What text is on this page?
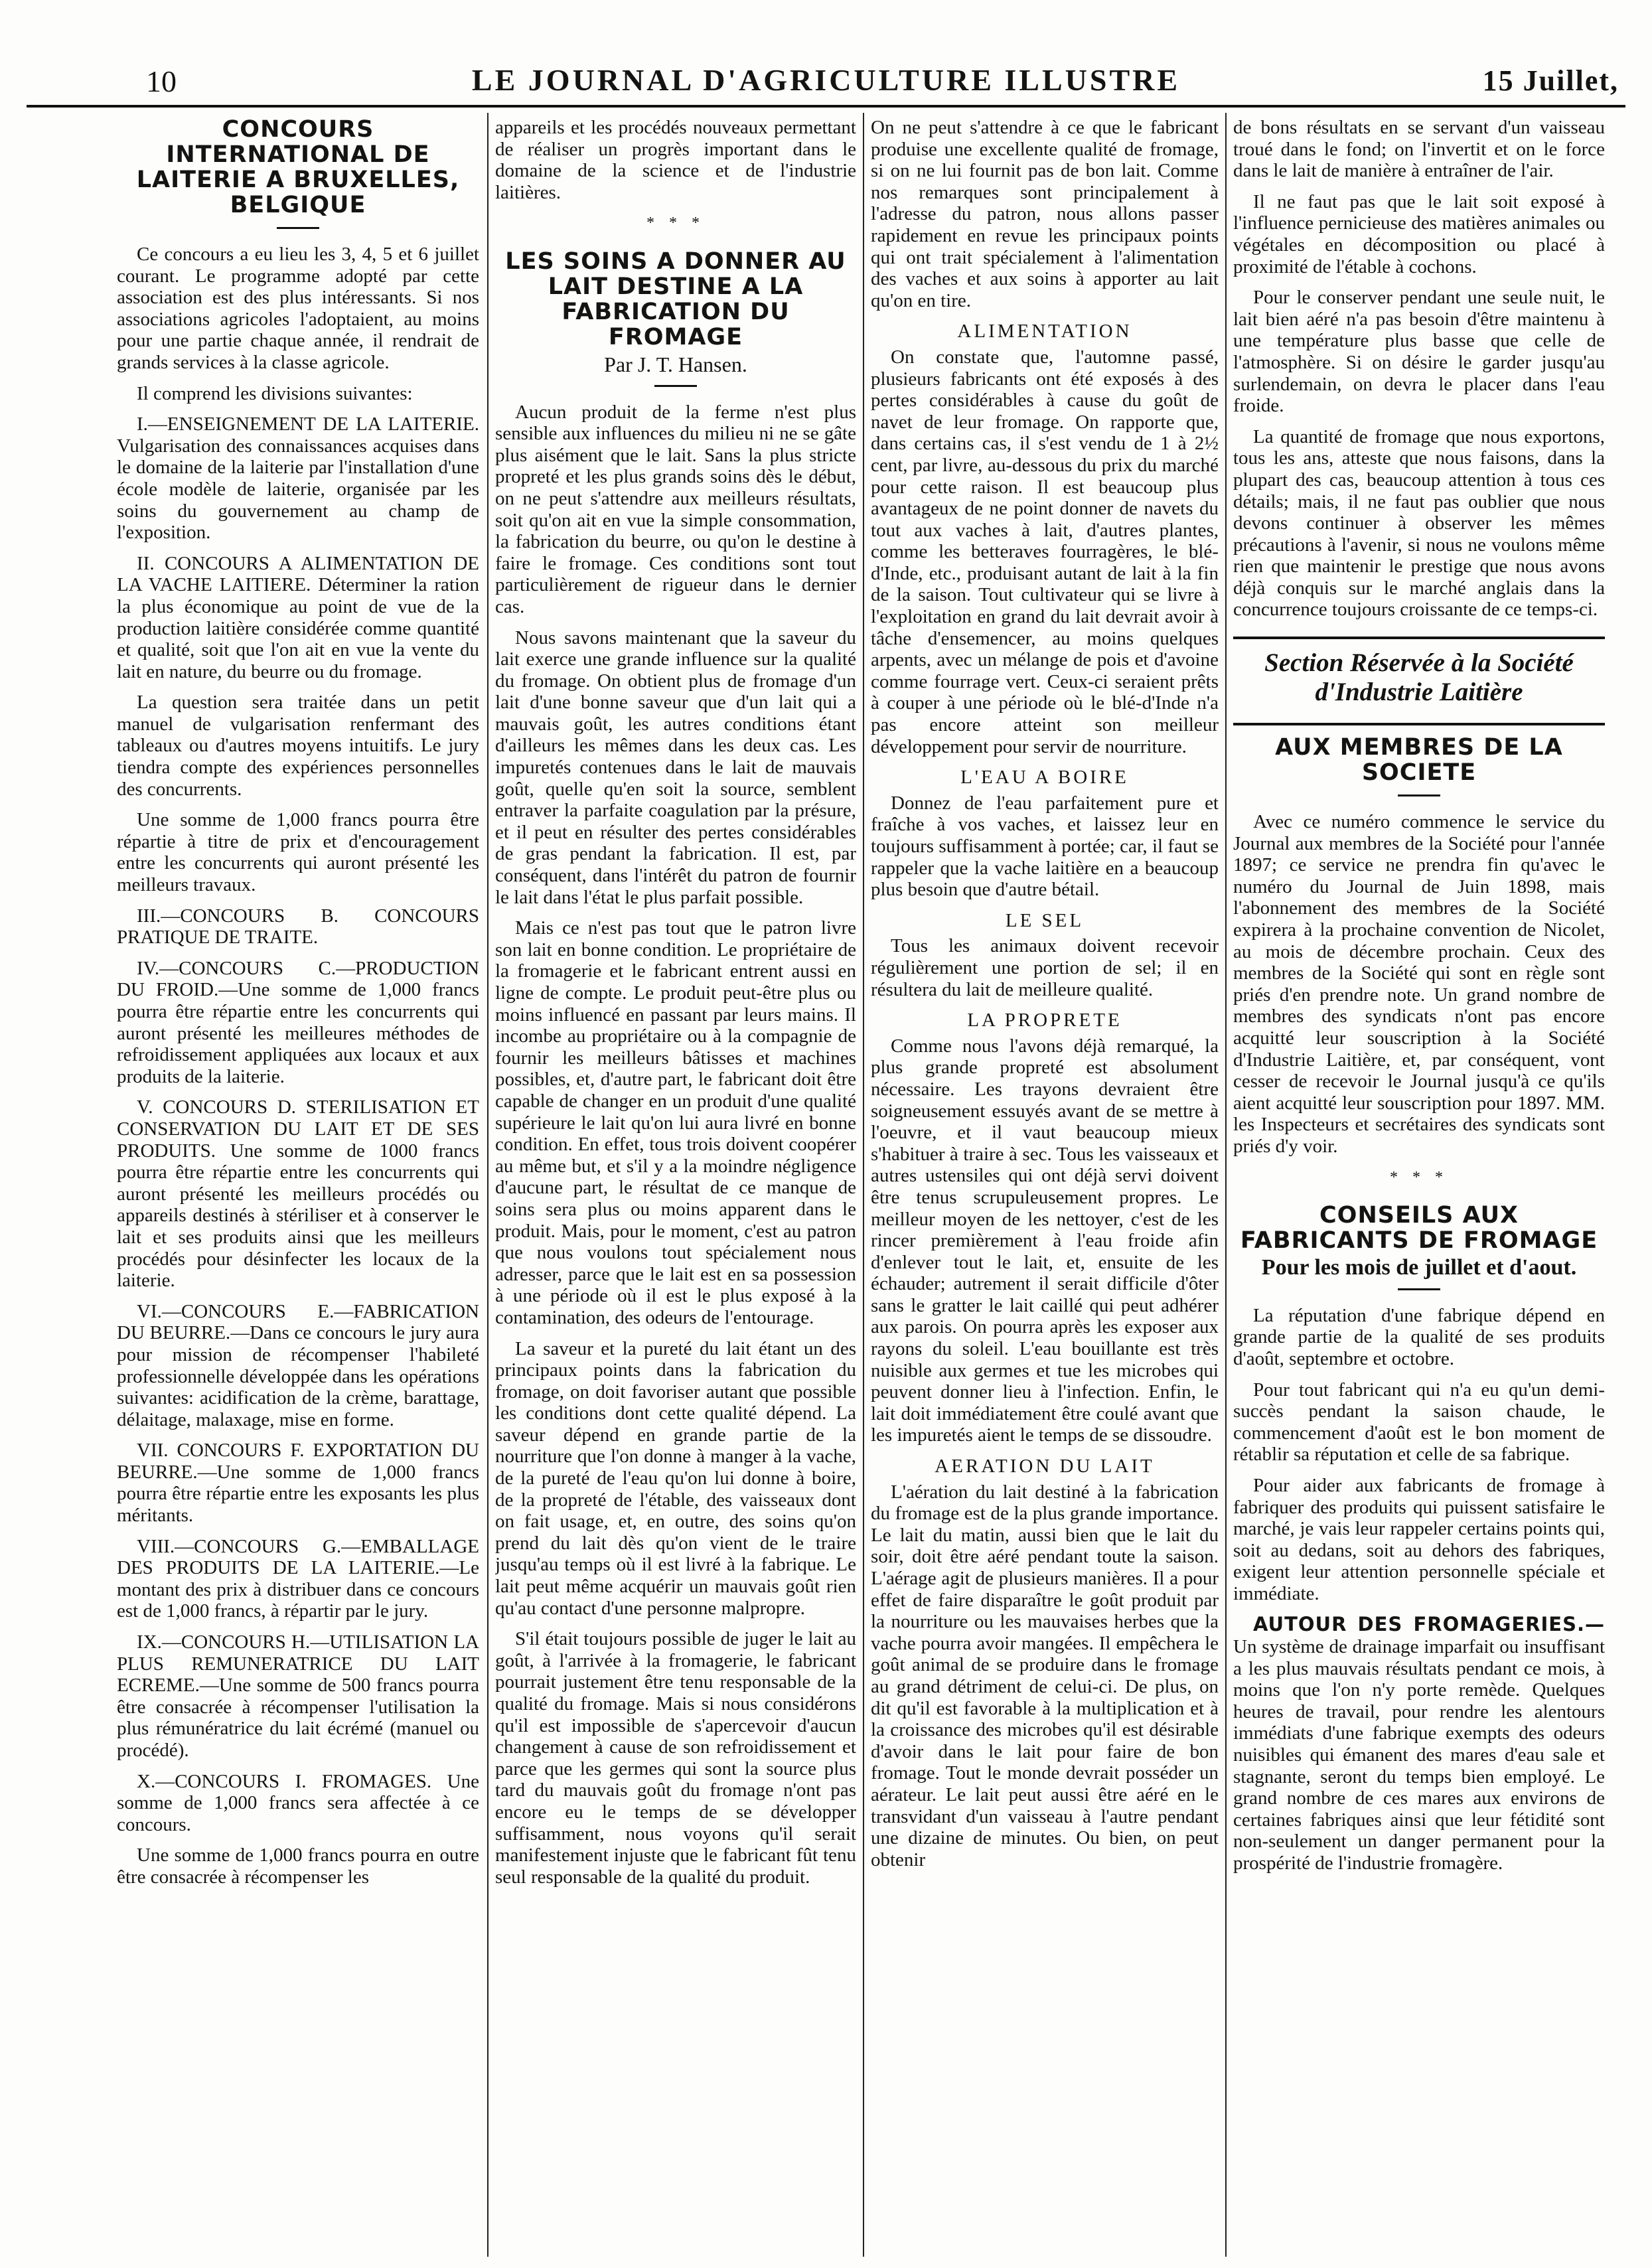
10	LE JOURNAL D'AGRICULTURE ILLUSTRE	15 Juillet,
CONCOURS INTERNATIONAL DE LAITERIE A BRUXELLES, BELGIQUE

Ce concours a eu lieu les 3, 4, 5 et 6 juillet courant. Le programme adopté par cette association est des plus intéressants. Si nos associations agricoles l'adoptaient, au moins pour une partie chaque année, il rendrait de grands services à la classe agricole.

Il comprend les divisions suivantes:

I.—ENSEIGNEMENT DE LA LAITERIE. Vulgarisation des connaissances acquises dans le domaine de la laiterie par l'installation d'une école modèle de laiterie, organisée par les soins du gouvernement au champ de l'exposition.

II. CONCOURS A ALIMENTATION DE LA VACHE LAITIERE. Déterminer la ration la plus économique au point de vue de la production laitière considérée comme quantité et qualité, soit que l'on ait en vue la vente du lait en nature, du beurre ou du fromage.

La question sera traitée dans un petit manuel de vulgarisation renfermant des tableaux ou d'autres moyens intuitifs. Le jury tiendra compte des expériences personnelles des concurrents.

Une somme de 1,000 francs pourra être répartie à titre de prix et d'encouragement entre les concurrents qui auront présenté les meilleurs travaux.

III.—CONCOURS B. CONCOURS PRATIQUE DE TRAITE.

IV.—CONCOURS C.—PRODUCTION DU FROID.—Une somme de 1,000 francs pourra être répartie entre les concurrents qui auront présenté les meilleures méthodes de refroidissement appliquées aux locaux et aux produits de la laiterie.

V. CONCOURS D. STERILISATION ET CONSERVATION DU LAIT ET DE SES PRODUITS. Une somme de 1000 francs pourra être répartie entre les concurrents qui auront présenté les meilleurs procédés ou appareils destinés à stériliser et à conserver le lait et ses produits ainsi que les meilleurs procédés pour désinfecter les locaux de la laiterie.

VI.—CONCOURS E.—FABRICATION DU BEURRE.—Dans ce concours le jury aura pour mission de récompenser l'habileté professionnelle développée dans les opérations suivantes: acidification de la crème, barattage, délaitage, malaxage, mise en forme.

VII. CONCOURS F. EXPORTATION DU BEURRE.—Une somme de 1,000 francs pourra être répartie entre les exposants les plus méritants.

VIII.—CONCOURS G.—EMBALLAGE DES PRODUITS DE LA LAITERIE.—Le montant des prix à distribuer dans ce concours est de 1,000 francs, à répartir par le jury.

IX.—CONCOURS H.—UTILISATION LA PLUS REMUNERATRICE DU LAIT ECREME.—Une somme de 500 francs pourra être consacrée à récompenser l'utilisation la plus rémunératrice du lait écrémé (manuel ou procédé).

X.—CONCOURS I. FROMAGES. Une somme de 1,000 francs sera affectée à ce concours.

Une somme de 1,000 francs pourra en outre être consacrée à récompenser les

appareils et les procédés nouveaux permettant de réaliser un progrès important dans le domaine de la science et de l'industrie laitières.

* * *
LES SOINS A DONNER AU LAIT DESTINE A LA FABRICATION DU FROMAGE
Par J. T. Hansen.

Aucun produit de la ferme n'est plus sensible aux influences du milieu ni ne se gâte plus aisément que le lait. Sans la plus stricte propreté et les plus grands soins dès le début, on ne peut s'attendre aux meilleurs résultats, soit qu'on ait en vue la simple consommation, la fabrication du beurre, ou qu'on le destine à faire le fromage. Ces conditions sont tout particulièrement de rigueur dans le dernier cas.

Nous savons maintenant que la saveur du lait exerce une grande influence sur la qualité du fromage. On obtient plus de fromage d'un lait d'une bonne saveur que d'un lait qui a mauvais goût, les autres conditions étant d'ailleurs les mêmes dans les deux cas. Les impuretés contenues dans le lait de mauvais goût, quelle qu'en soit la source, semblent entraver la parfaite coagulation par la présure, et il peut en résulter des pertes considérables de gras pendant la fabrication. Il est, par conséquent, dans l'intérêt du patron de fournir le lait dans l'état le plus parfait possible.

Mais ce n'est pas tout que le patron livre son lait en bonne condition. Le propriétaire de la fromagerie et le fabricant entrent aussi en ligne de compte. Le produit peut-être plus ou moins influencé en passant par leurs mains. Il incombe au propriétaire ou à la compagnie de fournir les meilleurs bâtisses et machines possibles, et, d'autre part, le fabricant doit être capable de changer en un produit d'une qualité supérieure le lait qu'on lui aura livré en bonne condition. En effet, tous trois doivent coopérer au même but, et s'il y a la moindre négligence d'aucune part, le résultat de ce manque de soins sera plus ou moins apparent dans le produit. Mais, pour le moment, c'est au patron que nous voulons tout spécialement nous adresser, parce que le lait est en sa possession à une période où il est le plus exposé à la contamination, des odeurs de l'entourage.

La saveur et la pureté du lait étant un des principaux points dans la fabrication du fromage, on doit favoriser autant que possible les conditions dont cette qualité dépend. La saveur dépend en grande partie de la nourriture que l'on donne à manger à la vache, de la pureté de l'eau qu'on lui donne à boire, de la propreté de l'étable, des vaisseaux dont on fait usage, et, en outre, des soins qu'on prend du lait dès qu'on vient de le traire jusqu'au temps où il est livré à la fabrique. Le lait peut même acquérir un mauvais goût rien qu'au contact d'une personne malpropre.

S'il était toujours possible de juger le lait au goût, à l'arrivée à la fromagerie, le fabricant pourrait justement être tenu responsable de la qualité du fromage. Mais si nous considérons qu'il est impossible de s'apercevoir d'aucun changement à cause de son refroidissement et parce que les germes qui sont la source plus tard du mauvais goût du fromage n'ont pas encore eu le temps de se développer suffisamment, nous voyons qu'il serait manifestement injuste que le fabricant fût tenu seul responsable de la qualité du produit.

On ne peut s'attendre à ce que le fabricant produise une excellente qualité de fromage, si on ne lui fournit pas de bon lait. Comme nos remarques sont principalement à l'adresse du patron, nous allons passer rapidement en revue les principaux points qui ont trait spécialement à l'alimentation des vaches et aux soins à apporter au lait qu'on en tire.

ALIMENTATION

On constate que, l'automne passé, plusieurs fabricants ont été exposés à des pertes considérables à cause du goût de navet de leur fromage. On rapporte que, dans certains cas, il s'est vendu de 1 à 2½ cent, par livre, au-dessous du prix du marché pour cette raison. Il est beaucoup plus avantageux de ne point donner de navets du tout aux vaches à lait, d'autres plantes, comme les betteraves fourragères, le blé-d'Inde, etc., produisant autant de lait à la fin de la saison. Tout cultivateur qui se livre à l'exploitation en grand du lait devrait avoir à tâche d'ensemencer, au moins quelques arpents, avec un mélange de pois et d'avoine comme fourrage vert. Ceux-ci seraient prêts à couper à une période où le blé-d'Inde n'a pas encore atteint son meilleur développement pour servir de nourriture.

L'EAU A BOIRE

Donnez de l'eau parfaitement pure et fraîche à vos vaches, et laissez leur en toujours suffisamment à portée; car, il faut se rappeler que la vache laitière en a beaucoup plus besoin que d'autre bétail.

LE SEL

Tous les animaux doivent recevoir régulièrement une portion de sel; il en résultera du lait de meilleure qualité.

LA PROPRETE

Comme nous l'avons déjà remarqué, la plus grande propreté est absolument nécessaire. Les trayons devraient être soigneusement essuyés avant de se mettre à l'oeuvre, et il vaut beaucoup mieux s'habituer à traire à sec. Tous les vaisseaux et autres ustensiles qui ont déjà servi doivent être tenus scrupuleusement propres. Le meilleur moyen de les nettoyer, c'est de les rincer premièrement à l'eau froide afin d'enlever tout le lait, et, ensuite de les échauder; autrement il serait difficile d'ôter sans le gratter le lait caillé qui peut adhérer aux parois. On pourra après les exposer aux rayons du soleil. L'eau bouillante est très nuisible aux germes et tue les microbes qui peuvent donner lieu à l'infection. Enfin, le lait doit immédiatement être coulé avant que les impuretés aient le temps de se dissoudre.

AERATION DU LAIT

L'aération du lait destiné à la fabrication du fromage est de la plus grande importance. Le lait du matin, aussi bien que le lait du soir, doit être aéré pendant toute la saison. L'aérage agit de plusieurs manières. Il a pour effet de faire disparaître le goût produit par la nourriture ou les mauvaises herbes que la vache pourra avoir mangées. Il empêchera le goût animal de se produire dans le fromage au grand détriment de celui-ci. De plus, on dit qu'il est favorable à la multiplication et à la croissance des microbes qu'il est désirable d'avoir dans le lait pour faire de bon fromage. Tout le monde devrait posséder un aérateur. Le lait peut aussi être aéré en le transvidant d'un vaisseau à l'autre pendant une dizaine de minutes. Ou bien, on peut obtenir

de bons résultats en se servant d'un vaisseau troué dans le fond; on l'invertit et on le force dans le lait de manière à entraîner de l'air.

Il ne faut pas que le lait soit exposé à l'influence pernicieuse des matières animales ou végétales en décomposition ou placé à proximité de l'étable à cochons.

Pour le conserver pendant une seule nuit, le lait bien aéré n'a pas besoin d'être maintenu à une température plus basse que celle de l'atmosphère. Si on désire le garder jusqu'au surlendemain, on devra le placer dans l'eau froide.

La quantité de fromage que nous exportons, tous les ans, atteste que nous faisons, dans la plupart des cas, beaucoup attention à tous ces détails; mais, il ne faut pas oublier que nous devons continuer à observer les mêmes précautions à l'avenir, si nous ne voulons même rien que maintenir le prestige que nous avons déjà conquis sur le marché anglais dans la concurrence toujours croissante de ce temps-ci.

Section Réservée à la Société d'Industrie Laitière
AUX MEMBRES DE LA SOCIETE

Avec ce numéro commence le service du Journal aux membres de la Société pour l'année 1897; ce service ne prendra fin qu'avec le numéro du Journal de Juin 1898, mais l'abonnement des membres de la Société expirera à la prochaine convention de Nicolet, au mois de décembre prochain. Ceux des membres de la Société qui sont en règle sont priés d'en prendre note. Un grand nombre de membres des syndicats n'ont pas encore acquitté leur souscription à la Société d'Industrie Laitière, et, par conséquent, vont cesser de recevoir le Journal jusqu'à ce qu'ils aient acquitté leur souscription pour 1897. MM. les Inspecteurs et secrétaires des syndicats sont priés d'y voir.

* * *
CONSEILS AUX FABRICANTS DE FROMAGE
Pour les mois de juillet et d'aout.

La réputation d'une fabrique dépend en grande partie de la qualité de ses produits d'août, septembre et octobre.

Pour tout fabricant qui n'a eu qu'un demi-succès pendant la saison chaude, le commencement d'août est le bon moment de rétablir sa réputation et celle de sa fabrique.

Pour aider aux fabricants de fromage à fabriquer des produits qui puissent satisfaire le marché, je vais leur rappeler certains points qui, soit au dedans, soit au dehors des fabriques, exigent leur attention personnelle spéciale et immédiate.

AUTOUR DES FROMAGERIES.— Un système de drainage imparfait ou insuffisant a les plus mauvais résultats pendant ce mois, à moins que l'on n'y porte remède. Quelques heures de travail, pour rendre les alentours immédiats d'une fabrique exempts des odeurs nuisibles qui émanent des mares d'eau sale et stagnante, seront du temps bien employé. Le grand nombre de ces mares aux environs de certaines fabriques ainsi que leur fétidité sont non-seulement un danger permanent pour la prospérité de l'industrie fromagère.
